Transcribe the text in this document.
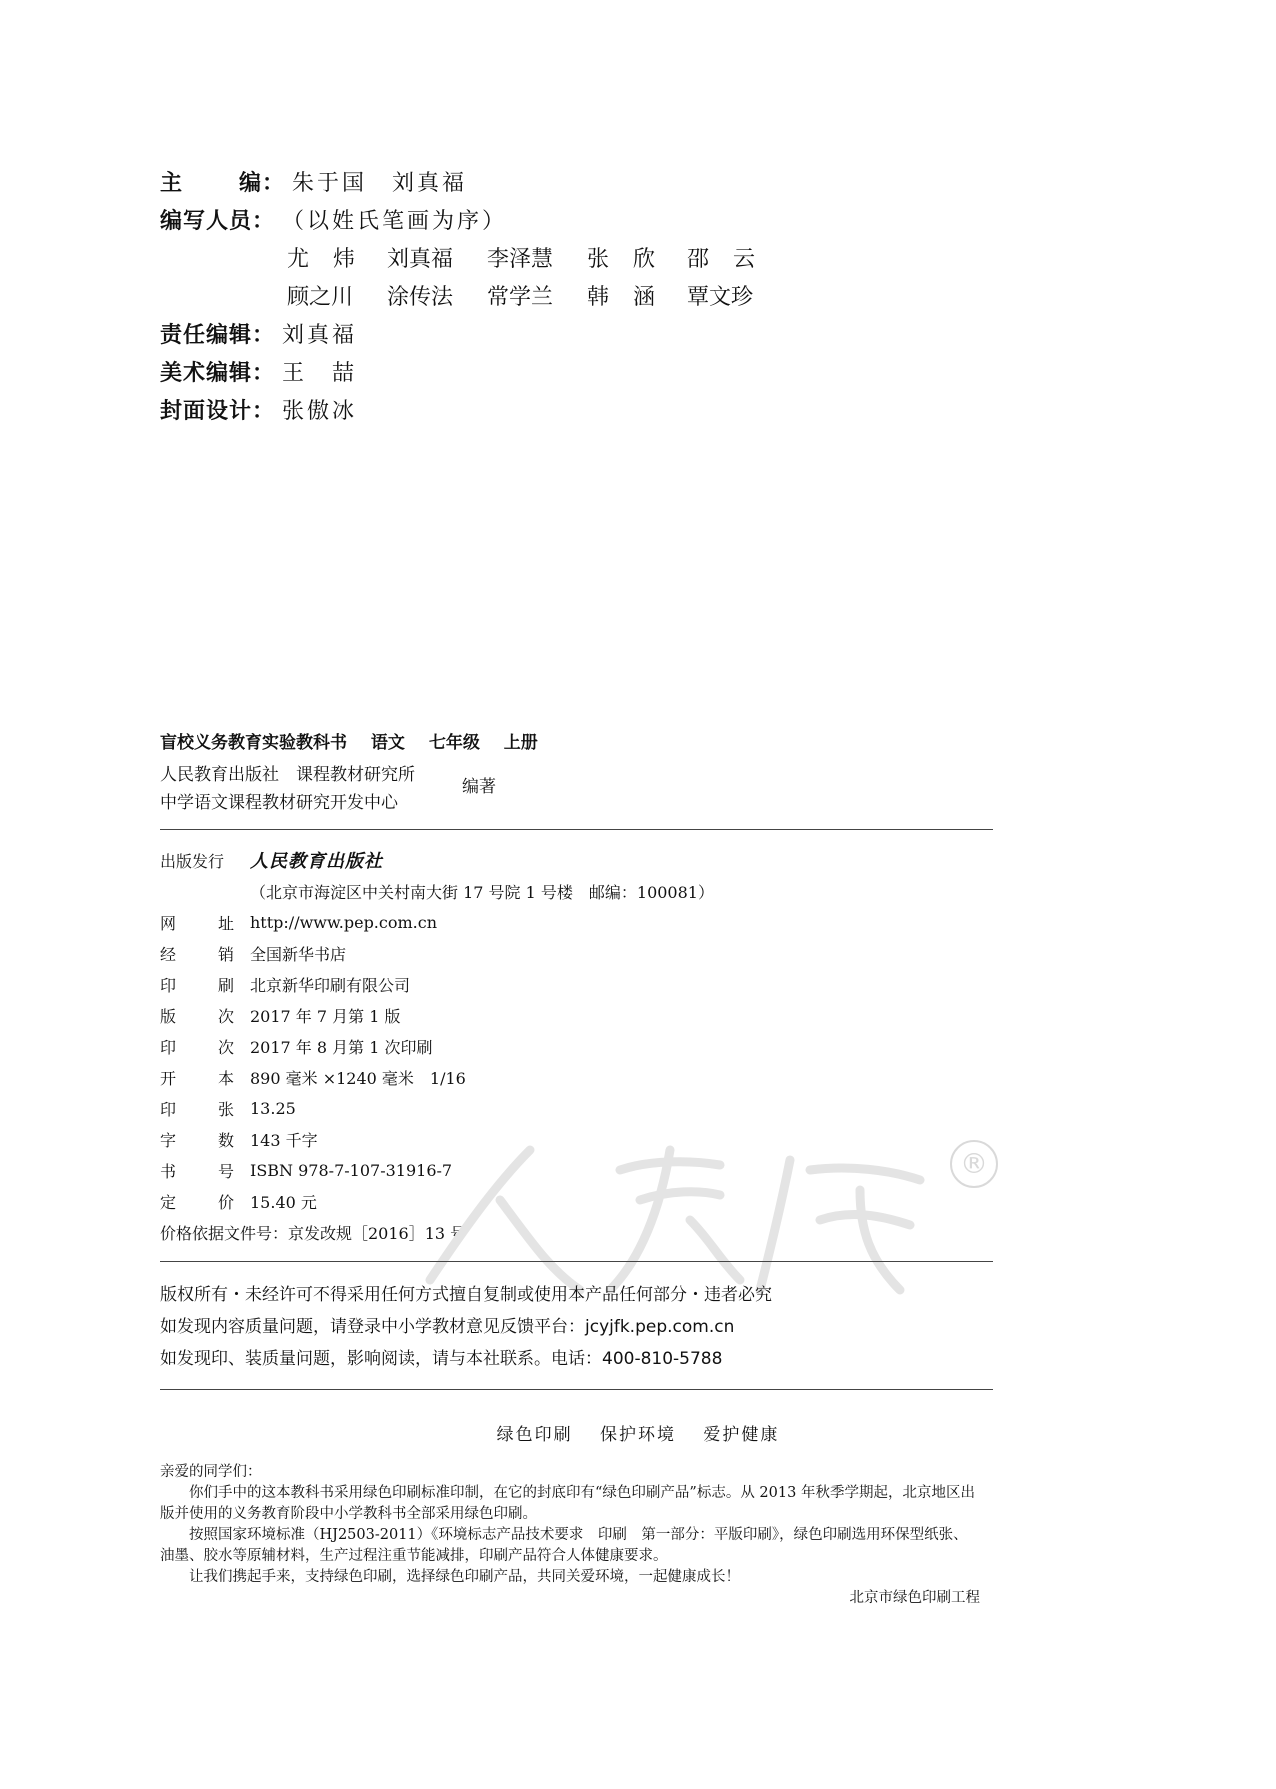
主	编 ： 朱于国　刘真福
编写人员 ： （以姓氏笔画为序）
尤 炜 刘真福 李泽慧 张 欣 邵 云
顾之川 涂传法 常学兰 韩 涵 覃文珍
责任编辑 ： 刘真福
美术编辑 ： 王　喆
封面设计 ： 张傲冰
盲校义务教育实验教科书 语文 七年级 上册
人民教育出版社　课程教材研究所
中学语文课程教材研究开发中心
编著
出版发行	人民教育出版社
（北京市海淀区中关村南大街 17 号院 1 号楼　邮编：100081）
网	址 http://www.pep.com.cn
经	销 全国新华书店
印	刷 北京新华印刷有限公司
版	次 2017 年 7 月第 1 版
印	次 2017 年 8 月第 1 次印刷
开	本 890 毫米 ×1240 毫米　1/16
印	张 13.25
字	数 143 千字
书	号 ISBN 978-7-107-31916-7
定	价 15.40 元
价格依据文件号：京发改规［2016］13 号
®
版权所有・未经许可不得采用任何方式擅自复制或使用本产品任何部分・违者必究
如发现内容质量问题，请登录中小学教材意见反馈平台：jcyjfk.pep.com.cn
如发现印、装质量问题，影响阅读，请与本社联系。电话：400-810-5788
绿色印刷 保护环境 爱护健康

亲爱的同学们：

你们手中的这本教科书采用绿色印刷标准印制，在它的封底印有“绿色印刷产品”标志。从 2013 年秋季学期起，北京地区出版并使用的义务教育阶段中小学教科书全部采用绿色印刷。

按照国家环境标准（HJ2503-2011）《环境标志产品技术要求　印刷　第一部分：平版印刷》，绿色印刷选用环保型纸张、油墨、胶水等原辅材料，生产过程注重节能减排，印刷产品符合人体健康要求。

让我们携起手来，支持绿色印刷，选择绿色印刷产品，共同关爱环境，一起健康成长！

北京市绿色印刷工程
